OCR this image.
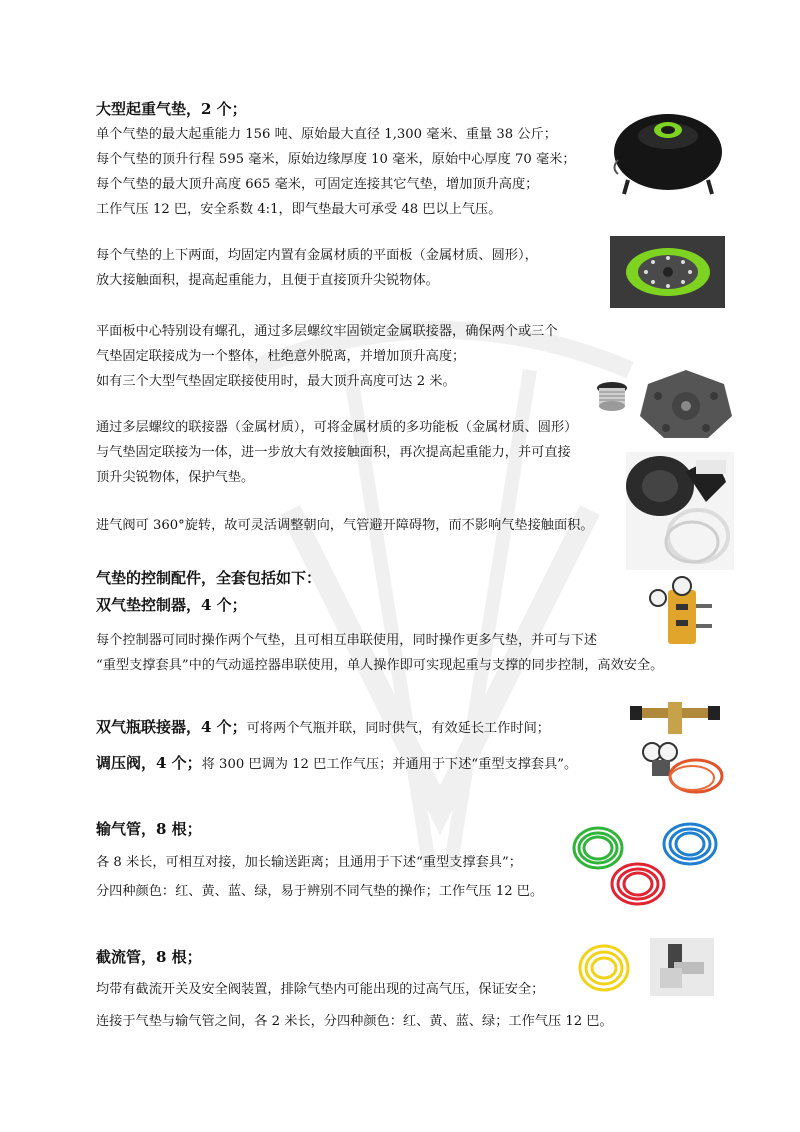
大型起重气垫，2 个；
单个气垫的最大起重能力 156 吨、原始最大直径 1,300 毫米、重量 38 公斤；
每个气垫的顶升行程 595 毫米，原始边缘厚度 10 毫米，原始中心厚度 70 毫米；
每个气垫的最大顶升高度 665 毫米，可固定连接其它气垫，增加顶升高度；
工作气压 12 巴，安全系数 4:1，即气垫最大可承受 48 巴以上气压。
每个气垫的上下两面，均固定内置有金属材质的平面板（金属材质、圆形），
放大接触面积，提高起重能力，且便于直接顶升尖锐物体。
平面板中心特别设有螺孔，通过多层螺纹牢固锁定金属联接器，确保两个或三个
气垫固定联接成为一个整体，杜绝意外脱离，并增加顶升高度；
如有三个大型气垫固定联接使用时，最大顶升高度可达 2 米。
通过多层螺纹的联接器（金属材质），可将金属材质的多功能板（金属材质、圆形）
与气垫固定联接为一体，进一步放大有效接触面积，再次提高起重能力，并可直接
顶升尖锐物体，保护气垫。
进气阀可 360°旋转，故可灵活调整朝向，气管避开障碍物，而不影响气垫接触面积。
气垫的控制配件，全套包括如下：
双气垫控制器，4 个；
每个控制器可同时操作两个气垫，且可相互串联使用，同时操作更多气垫，并可与下述
“重型支撑套具”中的气动遥控器串联使用，单人操作即可实现起重与支撑的同步控制，高效安全。
双气瓶联接器，4 个；可将两个气瓶并联，同时供气，有效延长工作时间；
调压阀，4 个；将 300 巴调为 12 巴工作气压；并通用于下述“重型支撑套具”。
输气管，8 根；
各 8 米长，可相互对接，加长输送距离；且通用于下述“重型支撑套具”；
分四种颜色：红、黄、蓝、绿，易于辨别不同气垫的操作；工作气压 12 巴。
截流管，8 根；
均带有截流开关及安全阀装置，排除气垫内可能出现的过高气压，保证安全；
连接于气垫与输气管之间，各 2 米长，分四种颜色：红、黄、蓝、绿；工作气压 12 巴。
